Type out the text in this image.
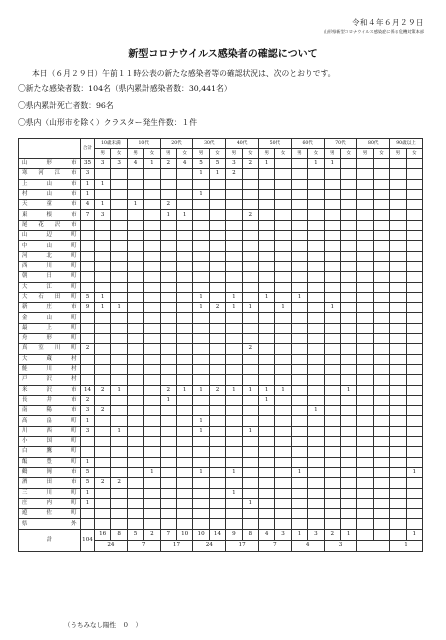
令和４年６月２９日
山形県新型コロナウイルス感染症に係る危機対策本部
新型コロナウイルス感染者の確認について
本日（６月２９日）午前１１時公表の新たな感染者等の確認状況は、次のとおりです。
〇新たな感染者数：104名（県内累計感染者数：30,441名）
〇県内累計死亡者数：96名
〇県内（山形市を除く）クラスター発生件数：１件
	合計	10歳未満		10代		20代		30代		40代		50代		60代		70代		80代		90歳以上	
		男	女	男	女	男	女	男	女	男	女	男	女	男	女	男	女	男	女	男	女
山形市	35	3	3	4	1	2	4	5	5	3	2	1			1	1					
寒河江市	3							1	1	2											
上山市	1	1																			
村山市	1							1													
天童市	4	1		1		2															
東根市	7	3				1	1				2										
尾花沢市																					
山辺町																					
中山町																					
河北町																					
西川町																					
朝日町																					
大江町																					
大石田町	5	1						1		1		1		1							
新庄市	9	1	1					1	2	1	1		1			1					
金山町																					
最上町																					
舟形町																					
真室川町	2										2										
大蔵村																					
鮭川村																					
戸沢村																					
米沢市	14	2	1			2	1	1	2	1	1	1	1				1				
長井市	2					1						1									
南陽市	3	2													1						
高畠町	1							1													
川西町	3		1					1			1										
小国町																					
白鷹町																					
飯豊町	1																				
鶴岡市	5				1			1		1				1							1
酒田市	5	2	2																		
三川町	1									1											
庄内町	1										1										
遊佐町																					
県外																					
計	104	16	8	5	2	7	10	10	14	9	8	4	3	1	3	2	1				1
		24		7		17		24		17		7		4		3				1	
（うちみなし陽性　０　）
